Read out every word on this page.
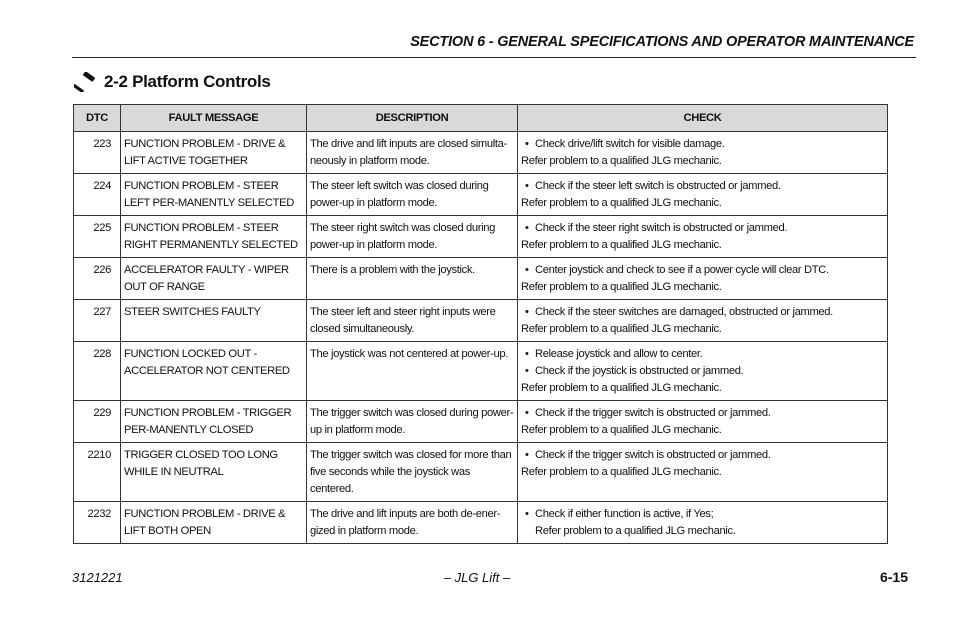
SECTION 6 - GENERAL SPECIFICATIONS AND OPERATOR MAINTENANCE
2-2 Platform Controls
DTC	FAULT MESSAGE	DESCRIPTION	CHECK
223	FUNCTION PROBLEM - DRIVE & LIFT ACTIVE TOGETHER	The drive and lift inputs are closed simulta-neously in platform mode.	• Check drive/lift switch for visible damage.
Refer problem to a qualified JLG mechanic.

224	FUNCTION PROBLEM - STEER LEFT PER-MANENTLY SELECTED	The steer left switch was closed during power-up in platform mode.	• Check if the steer left switch is obstructed or jammed.
Refer problem to a qualified JLG mechanic.

225	FUNCTION PROBLEM - STEER RIGHT PERMANENTLY SELECTED	The steer right switch was closed during power-up in platform mode.	• Check if the steer right switch is obstructed or jammed.
Refer problem to a qualified JLG mechanic.

226	ACCELERATOR FAULTY - WIPER OUT OF RANGE	There is a problem with the joystick.	• Center joystick and check to see if a power cycle will clear DTC.
Refer problem to a qualified JLG mechanic.

227	STEER SWITCHES FAULTY	The steer left and steer right inputs were closed simultaneously.	• Check if the steer switches are damaged, obstructed or jammed.
Refer problem to a qualified JLG mechanic.

228	FUNCTION LOCKED OUT - ACCELERATOR NOT CENTERED	The joystick was not centered at power-up.	• Release joystick and allow to center.
• Check if the joystick is obstructed or jammed.
Refer problem to a qualified JLG mechanic.

229	FUNCTION PROBLEM - TRIGGER PER-MANENTLY CLOSED	The trigger switch was closed during power-up in platform mode.	• Check if the trigger switch is obstructed or jammed.
Refer problem to a qualified JLG mechanic.

2210	TRIGGER CLOSED TOO LONG WHILE IN NEUTRAL	The trigger switch was closed for more than five seconds while the joystick was centered.	• Check if the trigger switch is obstructed or jammed.
Refer problem to a qualified JLG mechanic.

2232	FUNCTION PROBLEM - DRIVE & LIFT BOTH OPEN	The drive and lift inputs are both de-ener-gized in platform mode.	• Check if either function is active, if Yes;
Refer problem to a qualified JLG mechanic.
3121221	– JLG Lift –	6-15
